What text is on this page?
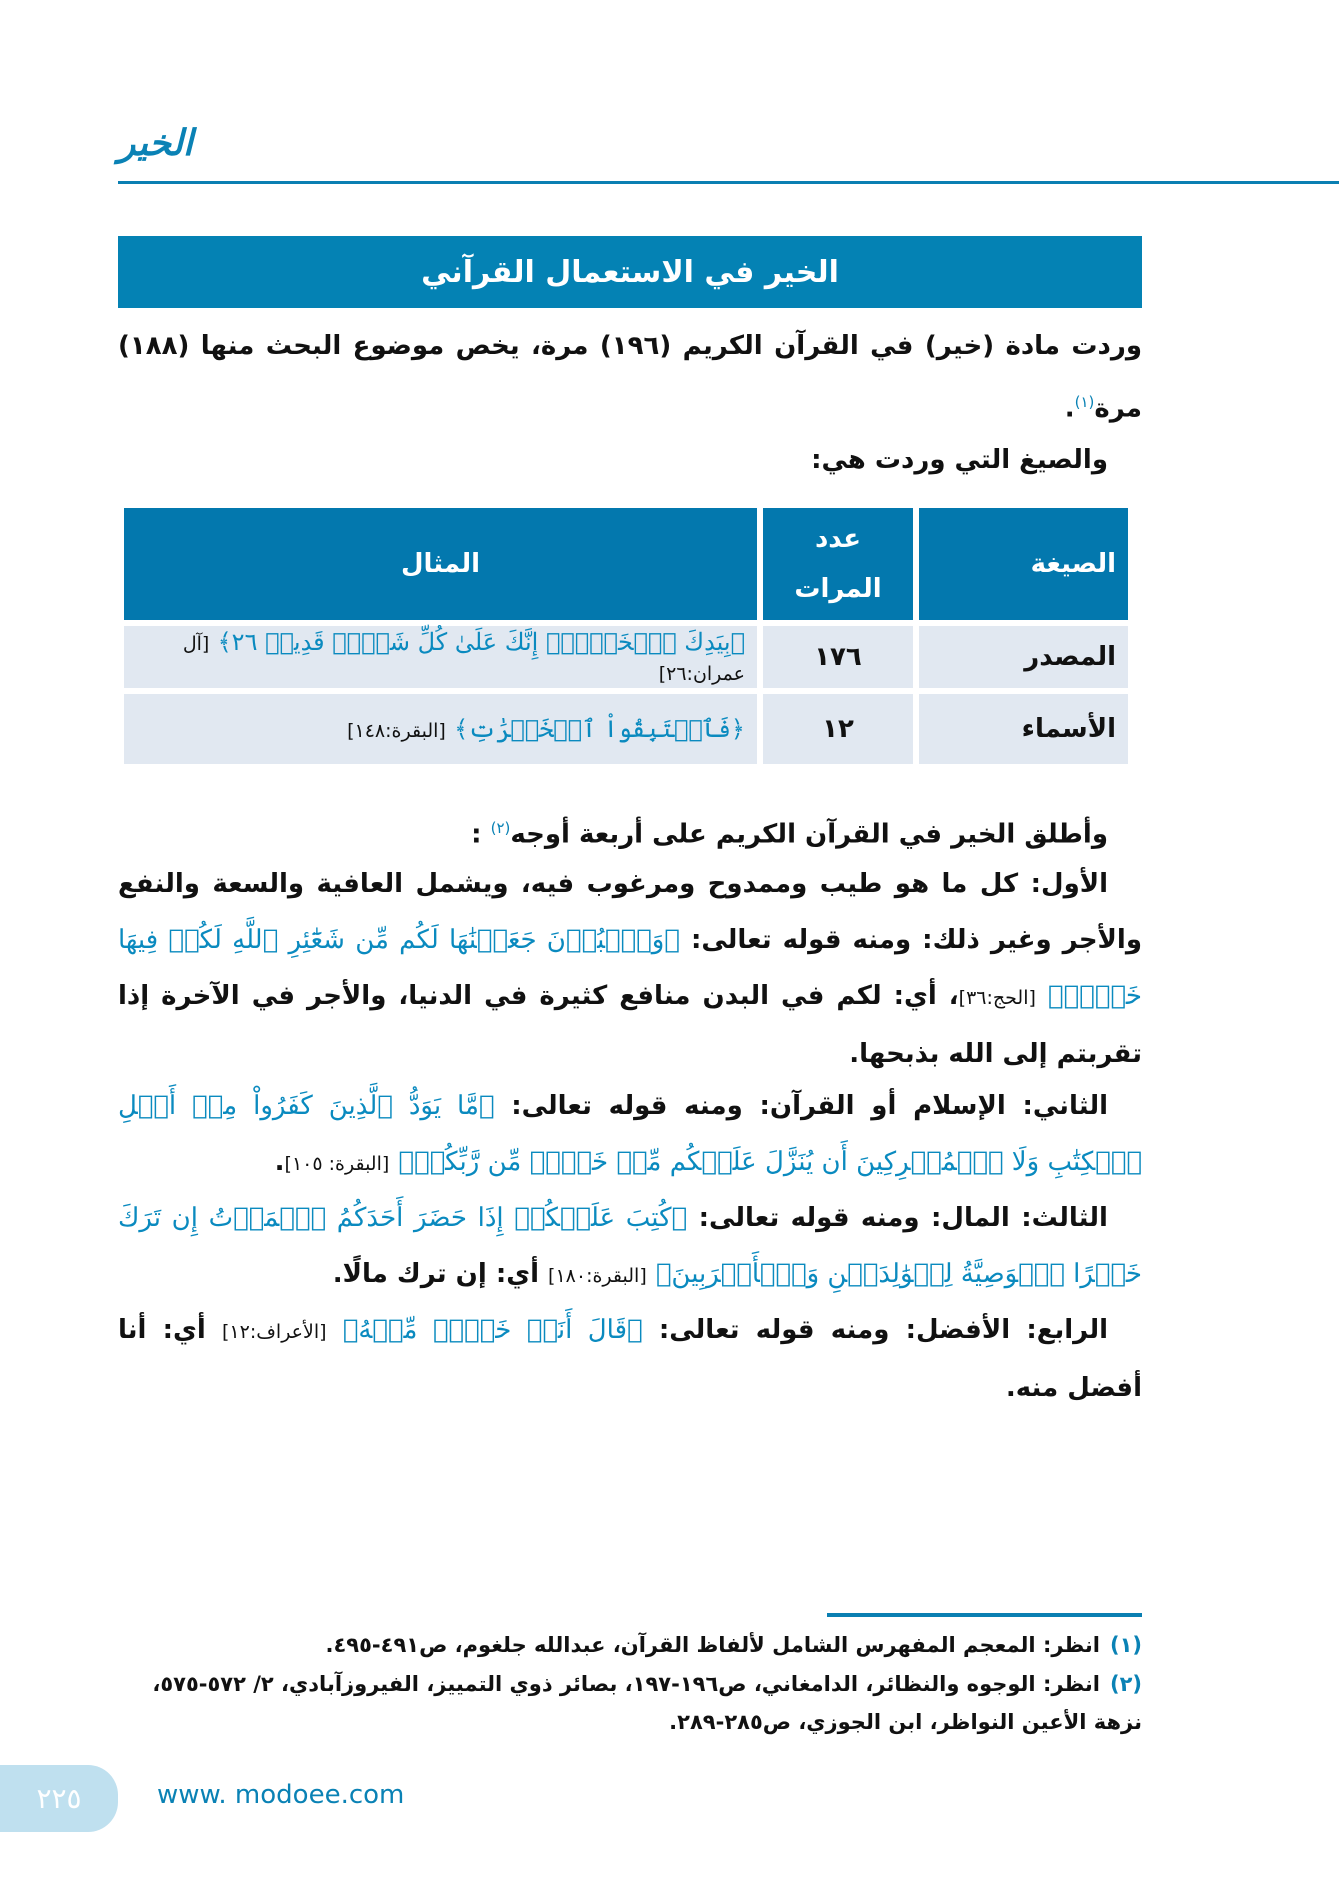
الخير
الخير في الاستعمال القرآني
وردت مادة (خير) في القرآن الكريم (١٩٦) مرة، يخص موضوع البحث منها (١٨٨) مرة$^{(١)}$.
والصيغ التي وردت هي:
الصيغة	عدد المرات	المثال
المصدر	١٧٦	﴿بِيَدِكَ ٱلۡخَيۡرُۖ إِنَّكَ عَلَىٰ كُلِّ شَيۡءٖ قَدِيرٞ ٢٦﴾ [آل عمران:٢٦]
الأسماء	١٢	﴿فَٱسۡتَبِقُواْ ٱلۡخَيۡرَٰتِ﴾ [البقرة:١٤٨]
وأطلق الخير في القرآن الكريم على أربعة أوجه$^{(٢)}$ :
الأول: كل ما هو طيب وممدوح ومرغوب فيه، ويشمل العافية والسعة والنفع والأجر وغير ذلك: ومنه قوله تعالى: ﴿وَٱلۡبُدۡنَ جَعَلۡنَٰهَا لَكُم مِّن شَعَٰٓئِرِ ٱللَّهِ لَكُمۡ فِيهَا خَيۡرٞ﴾ [الحج:٣٦]، أي: لكم في البدن منافع كثيرة في الدنيا، والأجر في الآخرة إذا تقربتم إلى الله بذبحها.
الثاني: الإسلام أو القرآن: ومنه قوله تعالى: ﴿مَّا يَوَدُّ ٱلَّذِينَ كَفَرُواْ مِنۡ أَهۡلِ ٱلۡكِتَٰبِ وَلَا ٱلۡمُشۡرِكِينَ أَن يُنَزَّلَ عَلَيۡكُم مِّنۡ خَيۡرٖ مِّن رَّبِّكُمۡ﴾ [البقرة: ١٠٥].
الثالث: المال: ومنه قوله تعالى: ﴿كُتِبَ عَلَيۡكُمۡ إِذَا حَضَرَ أَحَدَكُمُ ٱلۡمَوۡتُ إِن تَرَكَ خَيۡرًا ٱلۡوَصِيَّةُ لِلۡوَٰلِدَيۡنِ وَٱلۡأَقۡرَبِينَ﴾ [البقرة:١٨٠] أي: إن ترك مالًا.
الرابع: الأفضل: ومنه قوله تعالى: ﴿قَالَ أَنَا۠ خَيۡرٞ مِّنۡهُ﴾ [الأعراف:١٢] أي: أنا أفضل منه.
(١)انظر: المعجم المفهرس الشامل لألفاظ القرآن، عبدالله جلغوم، ص٤٩١-٤٩٥.
(٢)انظر: الوجوه والنظائر، الدامغاني، ص١٩٦-١٩٧، بصائر ذوي التمييز، الفيروزآبادي، ٢/ ٥٧٢-٥٧٥، نزهة الأعين النواظر، ابن الجوزي، ص٢٨٥-٢٨٩.
٢٢٥	www. modoee.com
